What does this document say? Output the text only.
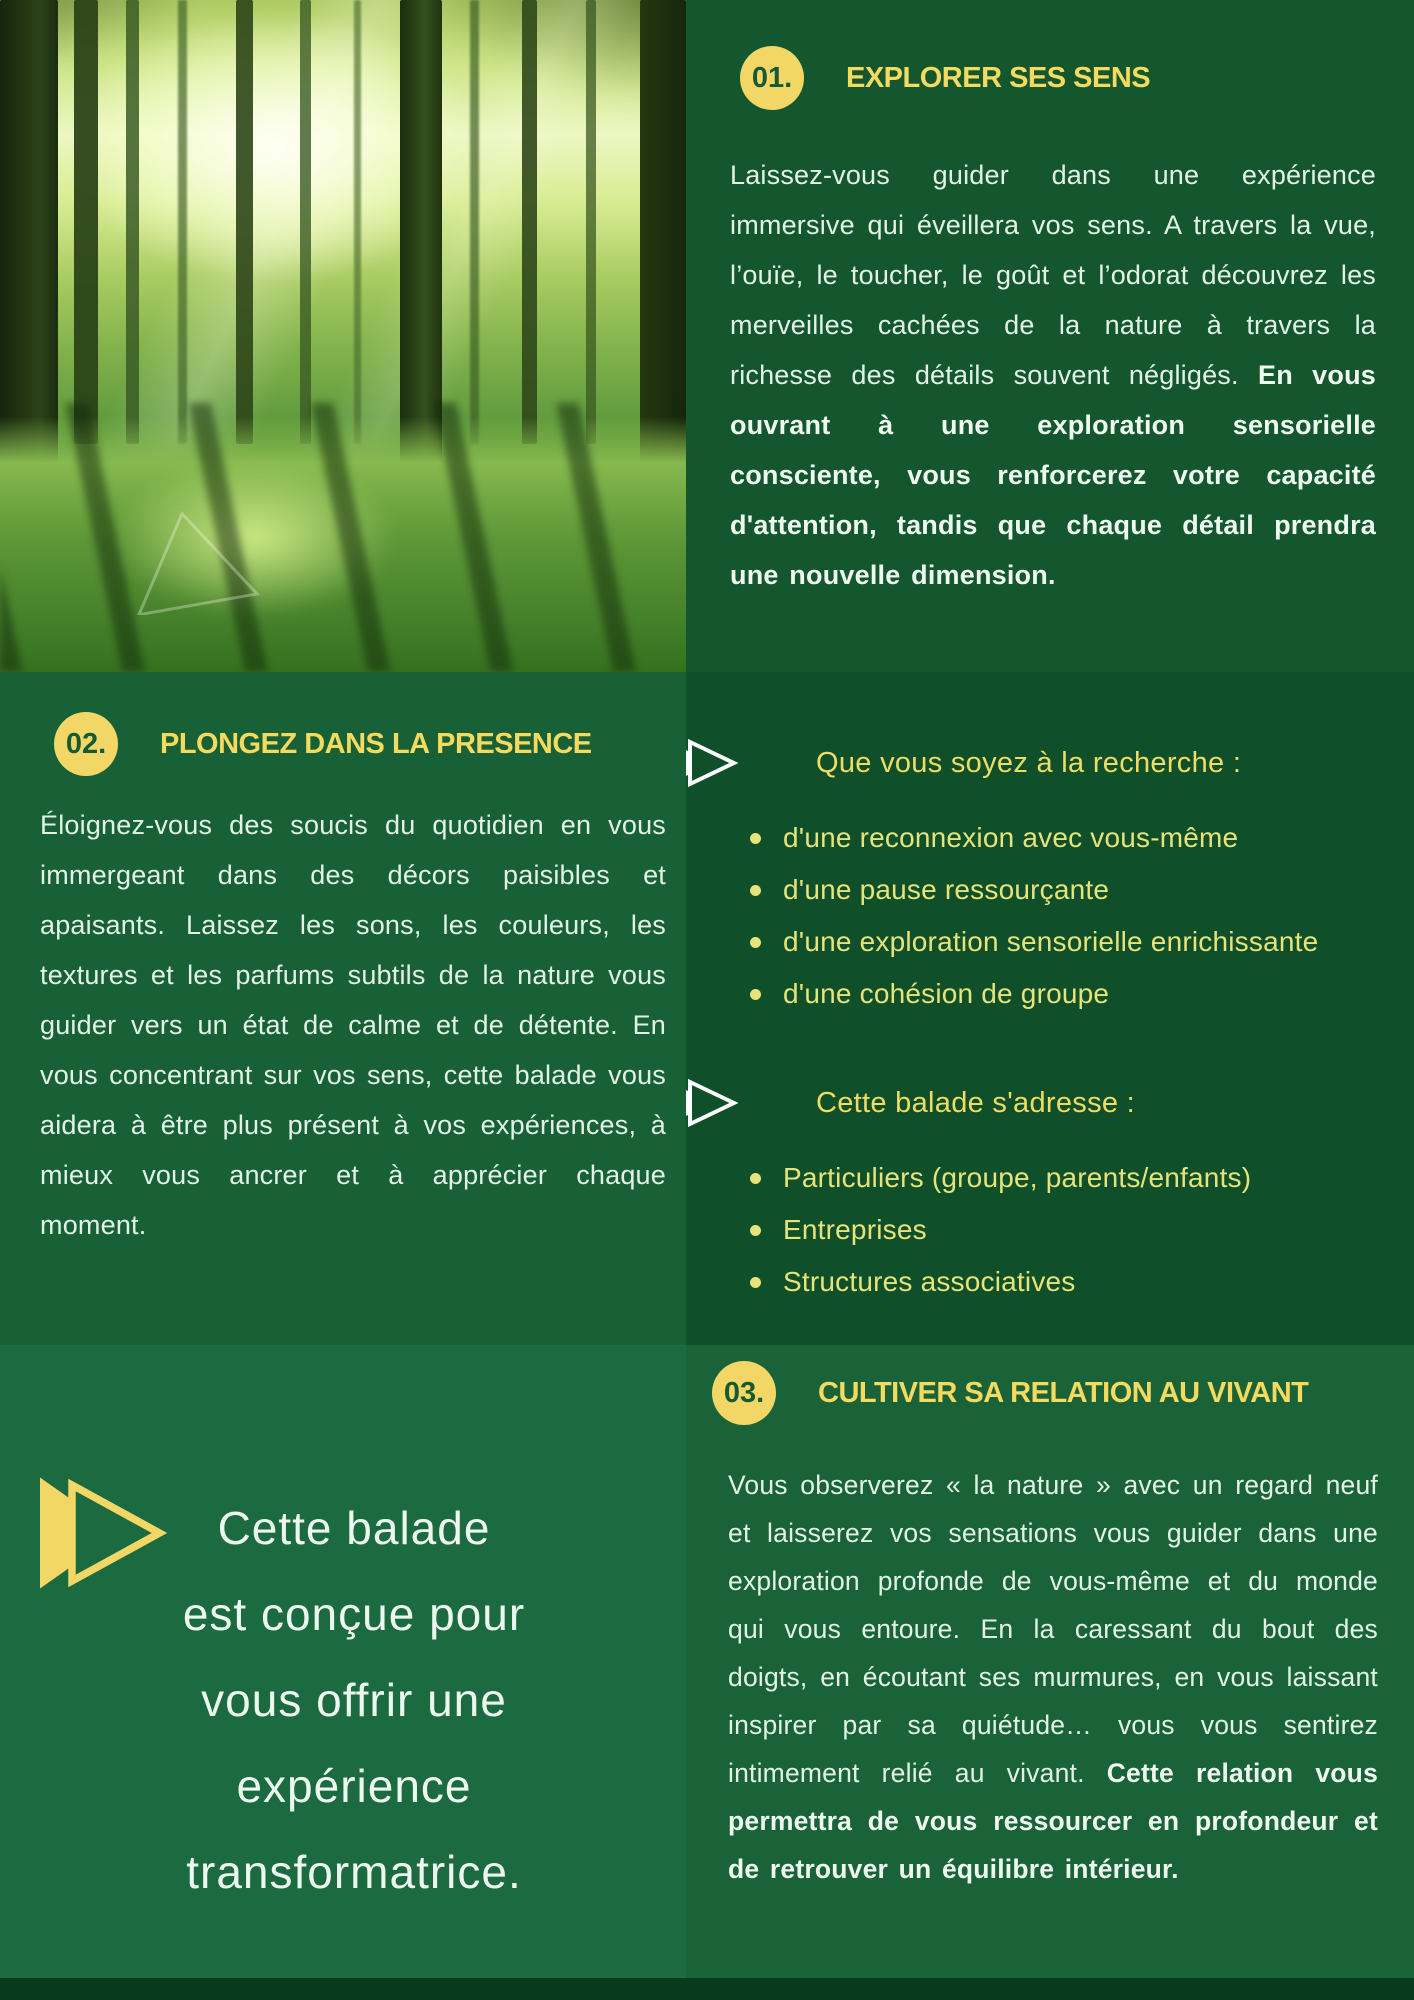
01.	EXPLORER SES SENS

Laissez-vous guider dans une expérience immersive qui éveillera vos sens. A travers la vue, l’ouïe, le toucher, le goût et l’odorat découvrez les merveilles cachées de la nature à travers la richesse des détails souvent négligés. En vous ouvrant à une exploration sensorielle consciente, vous renforcerez votre capacité d'attention, tandis que chaque détail prendra une nouvelle dimension.

02.	PLONGEZ DANS LA PRESENCE

Éloignez-vous des soucis du quotidien en vous immergeant dans des décors paisibles et apaisants. Laissez les sons, les couleurs, les textures et les parfums subtils de la nature vous guider vers un état de calme et de détente. En vous concentrant sur vos sens, cette balade vous aidera à être plus présent à vos expériences, à mieux vous ancrer et à apprécier chaque moment.

Que vous soyez à la recherche :
d'une reconnexion avec vous-même
d'une pause ressourçante
d'une exploration sensorielle enrichissante
d'une cohésion de groupe
Cette balade s'adresse :
Particuliers (groupe, parents/enfants)
Entreprises
Structures associatives
Cette balade
est conçue pour
vous offrir une
expérience
transformatrice.
03.	CULTIVER SA RELATION AU VIVANT

Vous observerez « la nature » avec un regard neuf et laisserez vos sensations vous guider dans une exploration profonde de vous-même et du monde qui vous entoure. En la caressant du bout des doigts, en écoutant ses murmures, en vous laissant inspirer par sa quiétude… vous vous sentirez intimement relié au vivant. Cette relation vous permettra de vous ressourcer en profondeur et de retrouver un équilibre intérieur.
